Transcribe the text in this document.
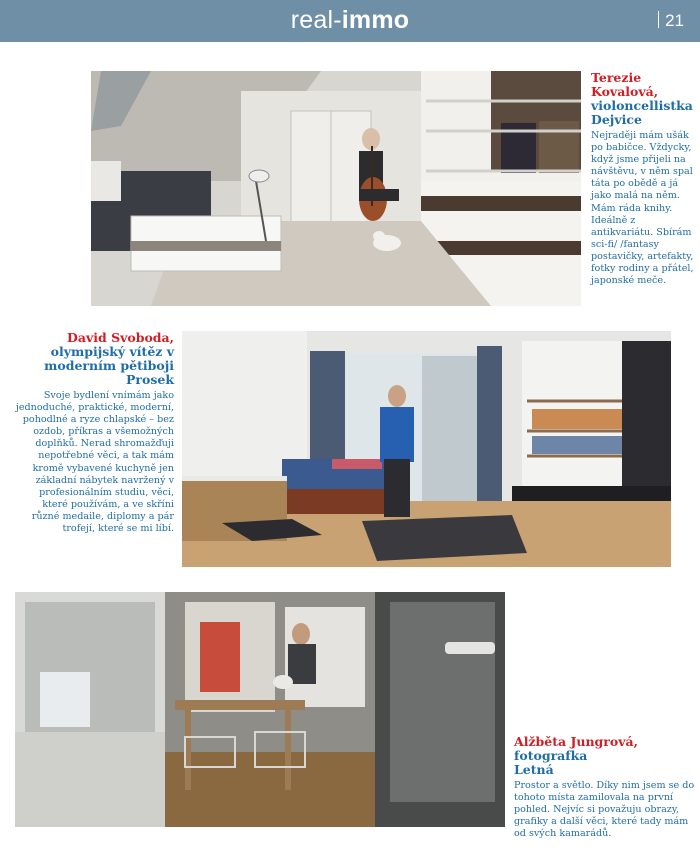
real-immo	21
Terezie Kovalová,
violoncellistka
Dejvice
Nejraději mám ušák po babičce. Vždycky, když jsme přijeli na návštěvu, v něm spal táta po obědě a já jako malá na něm. Mám ráda knihy. Ideálně z antikvariátu. Sbírám sci-fi/ /fantasy postavičky, artefakty, fotky rodiny a přátel, japonské meče.
David Svoboda,
olympijský vítěz v moderním pětiboji
Prosek
Svoje bydlení vnímám jako jednoduché, praktické, moderní, pohodlné a ryze chlapské – bez ozdob, příkras a všemožných doplňků. Nerad shromažďuji nepotřebné věci, a tak mám kromě vybavené kuchyně jen základní nábytek navržený v profesionálním studiu, věci, které používám, a ve skříni různé medaile, diplomy a pár trofejí, které se mi líbí.
Alžběta Jungrová,
fotografka
Letná
Prostor a světlo. Díky nim jsem se do tohoto místa zamilovala na první pohled. Nejvíc si považuju obrazy, grafiky a další věci, které tady mám od svých kamarádů.
